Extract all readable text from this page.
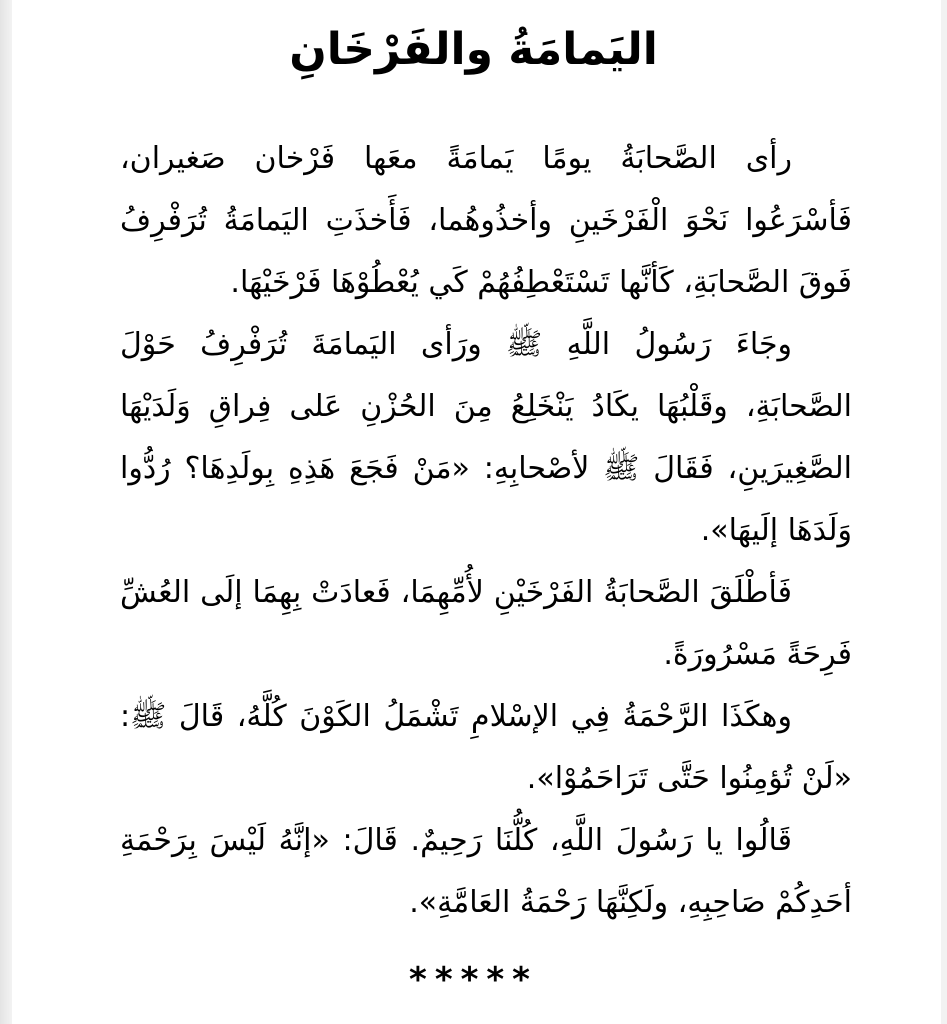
اليَمامَةُ والفَرْخَانِ

رأى الصَّحابَةُ يومًا يَمامَةً معَها فَرْخان صَغيران، فَأسْرَعُوا نَحْوَ الْفَرْخَينِ وأخذُوهُما، فَأَخذَتِ اليَمامَةُ تُرَفْرِفُ فَوقَ الصَّحابَةِ، كَأنَّها تَسْتَعْطِفُهُمْ كَي يُعْطُوْهَا فَرْخَيْهَا.

وجَاءَ رَسُولُ اللَّهِ ﷺ ورَأى اليَمامَةَ تُرَفْرِفُ حَوْلَ الصَّحابَةِ، وقَلْبُهَا يكَادُ يَنْخَلِعُ مِنَ الحُزْنِ عَلى فِراقِ وَلَدَيْهَا الصَّغِيرَينِ، فَقَالَ ﷺ لأصْحابِهِ: «مَنْ فَجَعَ هَذِهِ بِولَدِهَا؟ رُدُّوا وَلَدَهَا إلَيهَا».

فَأطْلَقَ الصَّحابَةُ الفَرْخَيْنِ لأُمِّهِمَا، فَعادَتْ بِهِمَا إلَى العُشِّ فَرِحَةً مَسْرُورَةً.

وهكَذَا الرَّحْمَةُ فِي الإسْلامِ تَشْمَلُ الكَوْنَ كُلَّهُ، قَالَ ﷺ: «لَنْ تُؤمِنُوا حَتَّى تَرَاحَمُوْا».

قَالُوا يا رَسُولَ اللَّهِ، كُلُّنَا رَحِيمٌ. قَالَ: «إنَّهُ لَيْسَ بِرَحْمَةِ أحَدِكُمْ صَاحِبِهِ، ولَكِنَّهَا رَحْمَةُ العَامَّةِ».

*****
